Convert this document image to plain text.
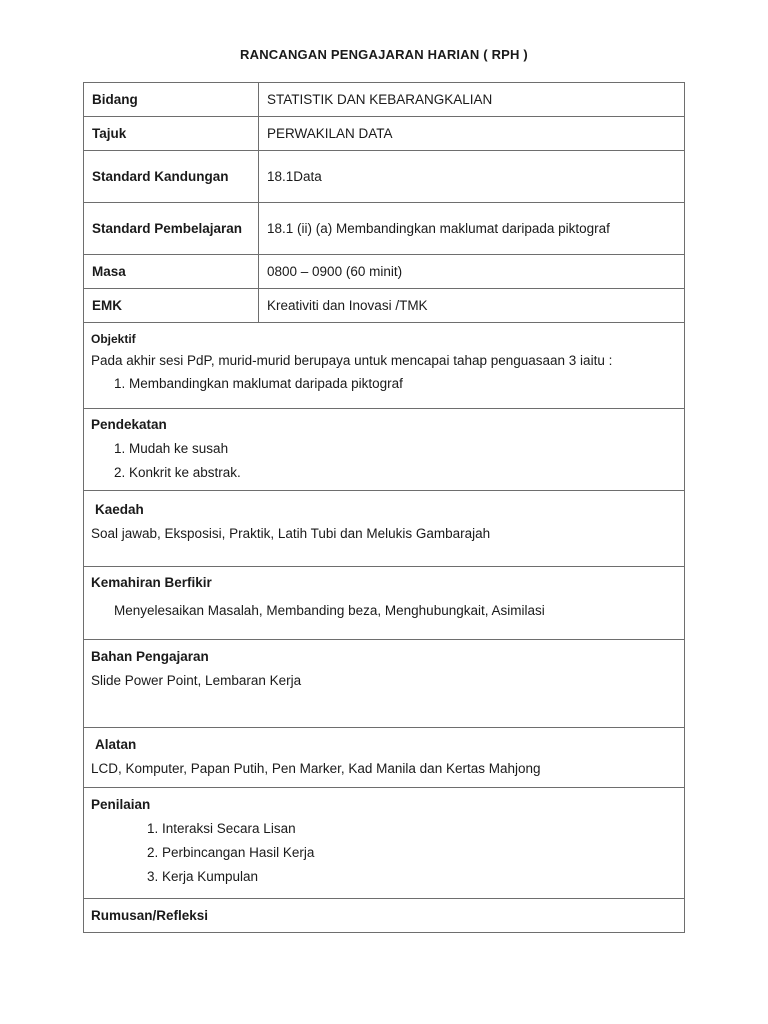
RANCANGAN PENGAJARAN HARIAN ( RPH )
Bidang	STATISTIK DAN KEBARANGKALIAN
Tajuk	PERWAKILAN DATA
Standard Kandungan	18.1Data
Standard Pembelajaran	18.1 (ii) (a) Membandingkan maklumat daripada piktograf
Masa	0800 – 0900 (60 minit)
EMK	Kreativiti dan Inovasi /TMK

Objektif
Pada akhir sesi PdP, murid-murid berupaya untuk mencapai tahap penguasaan 3 iaitu :
1. Membandingkan maklumat daripada piktograf	

Pendekatan
1. Mudah ke susah
2. Konkrit ke abstrak.	

Kaedah
Soal jawab, Eksposisi, Praktik, Latih Tubi dan Melukis Gambarajah	

Kemahiran Berfikir
Menyelesaikan Masalah, Membanding beza, Menghubungkait, Asimilasi	

Bahan Pengajaran
Slide Power Point, Lembaran Kerja	

Alatan
LCD, Komputer, Papan Putih, Pen Marker, Kad Manila dan Kertas Mahjong	

Penilaian
1. Interaksi Secara Lisan
2. Perbincangan Hasil Kerja
3. Kerja Kumpulan	

Rumusan/Refleksi	
